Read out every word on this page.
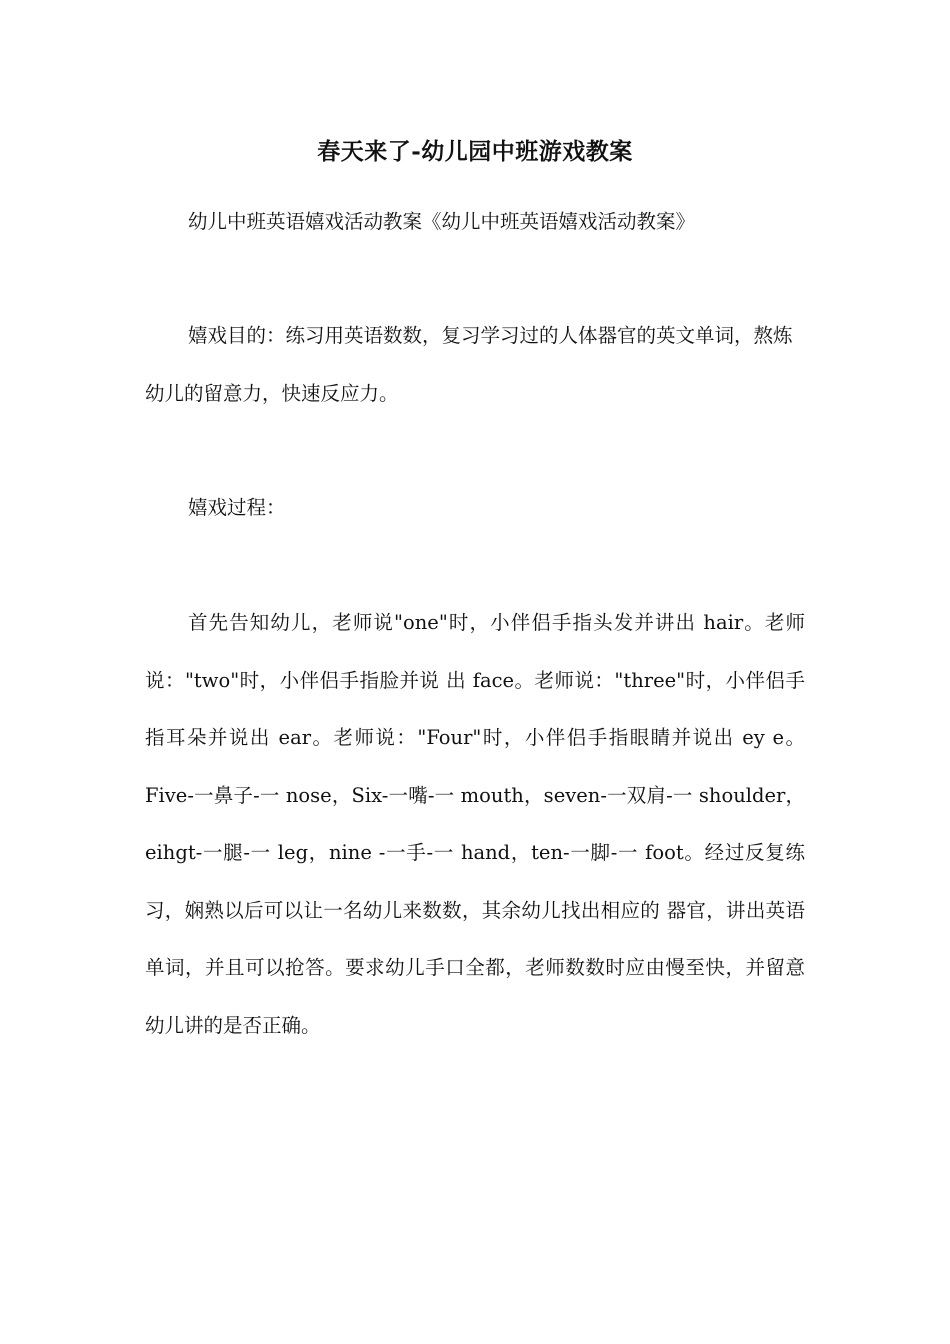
春天来了-幼儿园中班游戏教案

幼儿中班英语嬉戏活动教案《幼儿中班英语嬉戏活动教案》

嬉戏目的：练习用英语数数，复习学习过的人体器官的英文单词，熬炼幼儿的留意力，快速反应力。

嬉戏过程：

首先告知幼儿，老师说"one"时，小伴侣手指头发并讲出 hair。老师说："two"时，小伴侣手指脸并说 出 face。老师说："three"时，小伴侣手指耳朵并说出 ear。老师说："Four"时，小伴侣手指眼睛并说出 ey e。Five-一鼻子-一 nose，Six-一嘴-一 mouth，seven-一双肩-一 shoulder，eihgt-一腿-一 leg，nine -一手-一 hand，ten-一脚-一 foot。经过反复练习，娴熟以后可以让一名幼儿来数数，其余幼儿找出相应的 器官，讲出英语单词，并且可以抢答。要求幼儿手口全都，老师数数时应由慢至快，并留意幼儿讲的是否正确。
